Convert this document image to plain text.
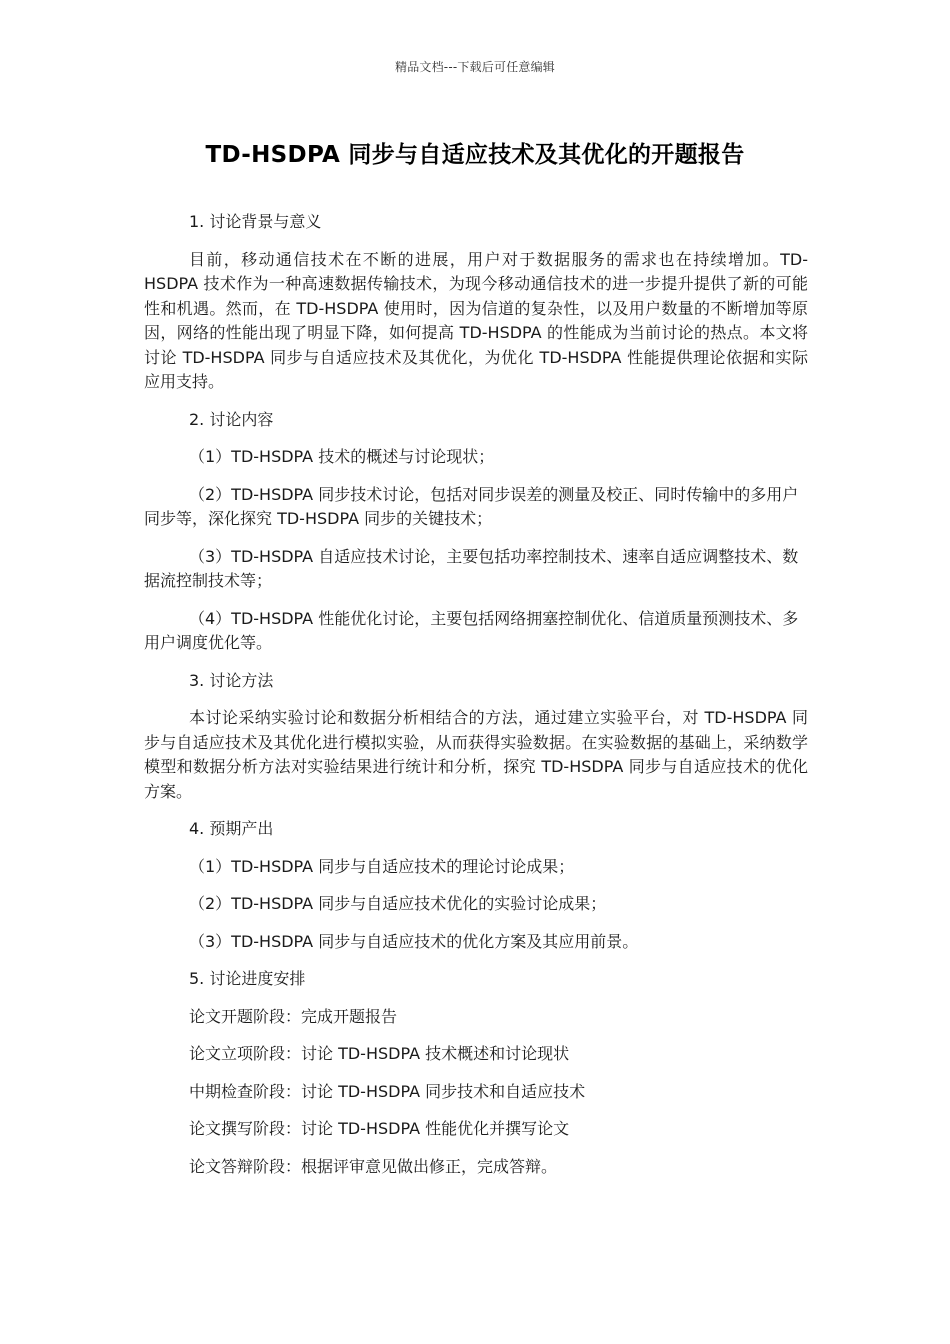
精品文档---下载后可任意编辑
TD-HSDPA 同步与自适应技术及其优化的开题报告

1. 讨论背景与意义

目前，移动通信技术在不断的进展，用户对于数据服务的需求也在持续增加。TD-HSDPA 技术作为一种高速数据传输技术，为现今移动通信技术的进一步提升提供了新的可能性和机遇。然而，在 TD-HSDPA 使用时，因为信道的复杂性，以及用户数量的不断增加等原因，网络的性能出现了明显下降，如何提高 TD-HSDPA 的性能成为当前讨论的热点。本文将讨论 TD-HSDPA 同步与自适应技术及其优化，为优化 TD-HSDPA 性能提供理论依据和实际应用支持。

2. 讨论内容

（1）TD-HSDPA 技术的概述与讨论现状；

（2）TD-HSDPA 同步技术讨论，包括对同步误差的测量及校正、同时传输中的多用户同步等，深化探究 TD-HSDPA 同步的关键技术；

（3）TD-HSDPA 自适应技术讨论，主要包括功率控制技术、速率自适应调整技术、数据流控制技术等；

（4）TD-HSDPA 性能优化讨论，主要包括网络拥塞控制优化、信道质量预测技术、多用户调度优化等。

3. 讨论方法

本讨论采纳实验讨论和数据分析相结合的方法，通过建立实验平台，对 TD-HSDPA 同步与自适应技术及其优化进行模拟实验，从而获得实验数据。在实验数据的基础上，采纳数学模型和数据分析方法对实验结果进行统计和分析，探究 TD-HSDPA 同步与自适应技术的优化方案。

4. 预期产出

（1）TD-HSDPA 同步与自适应技术的理论讨论成果；

（2）TD-HSDPA 同步与自适应技术优化的实验讨论成果；

（3）TD-HSDPA 同步与自适应技术的优化方案及其应用前景。

5. 讨论进度安排

论文开题阶段：完成开题报告

论文立项阶段：讨论 TD-HSDPA 技术概述和讨论现状

中期检查阶段：讨论 TD-HSDPA 同步技术和自适应技术

论文撰写阶段：讨论 TD-HSDPA 性能优化并撰写论文

论文答辩阶段：根据评审意见做出修正，完成答辩。
